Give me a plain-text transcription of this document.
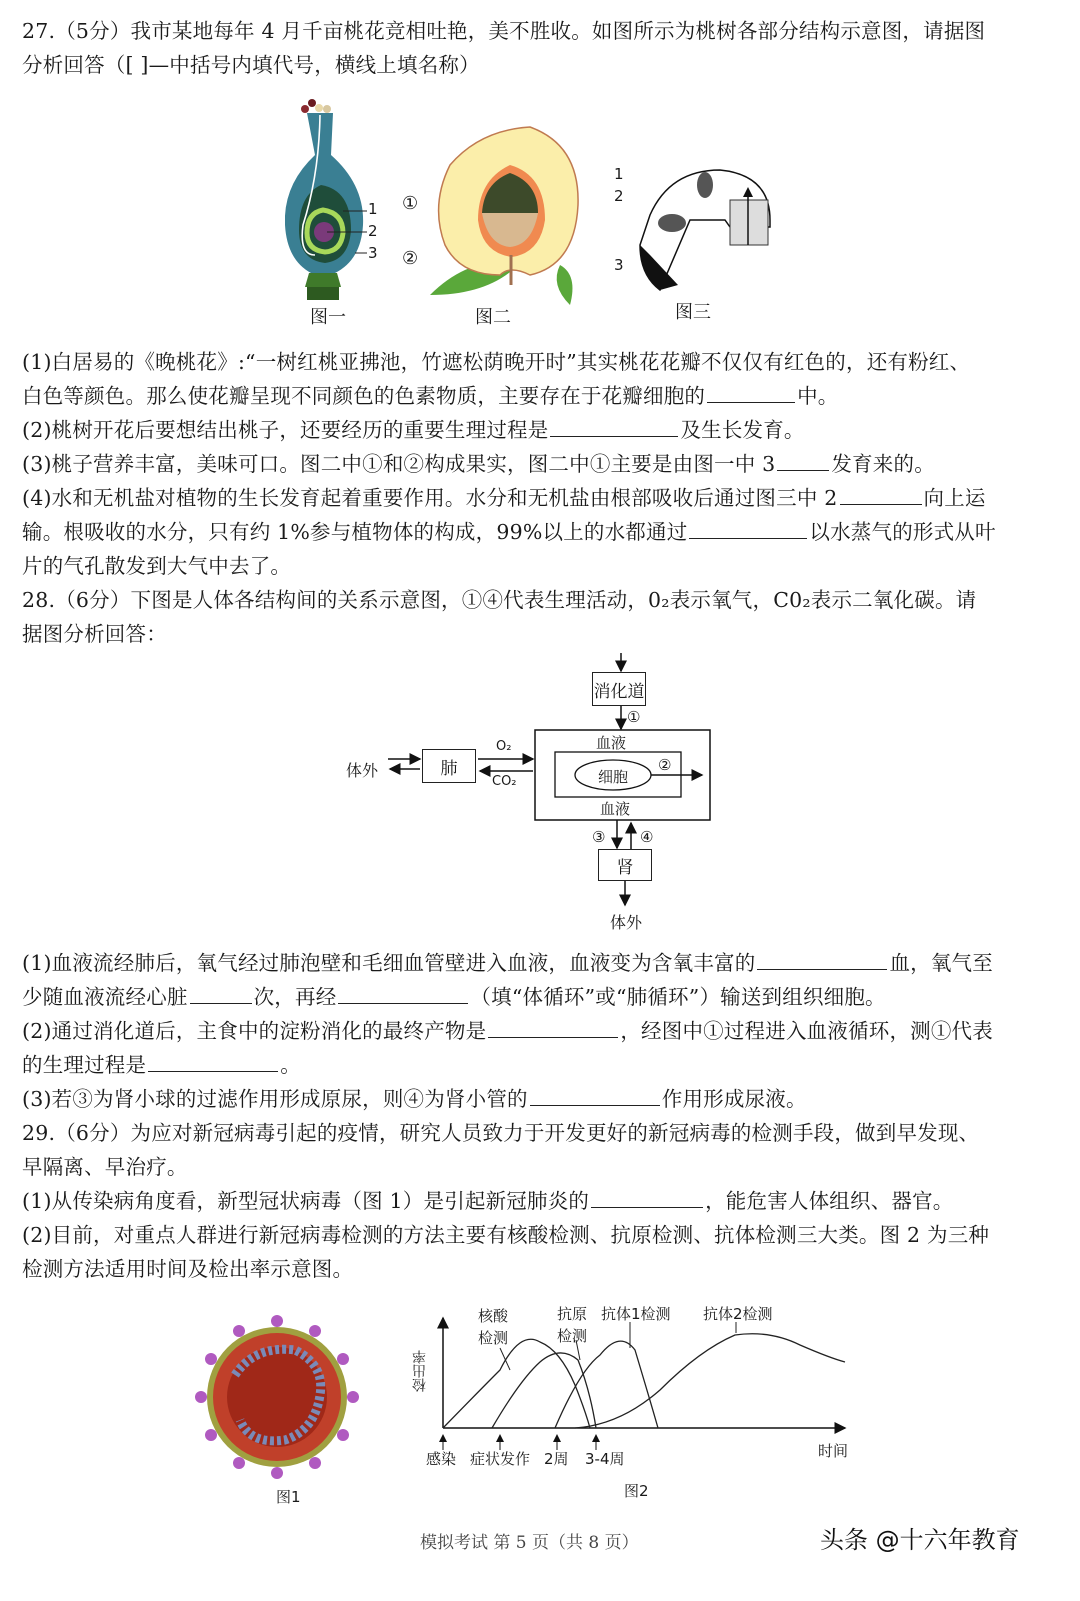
27.（5分）我市某地每年 4 月千亩桃花竞相吐艳，美不胜收。如图所示为桃树各部分结构示意图，请据图
分析回答（[ ]—中括号内填代号，横线上填名称）
1
2
3
图一
①
②
图二
1
2
3
图三
(1)白居易的《晚桃花》:“一树红桃亚拂池，竹遮松荫晚开时”其实桃花花瓣不仅仅有红色的，还有粉红、
白色等颜色。那么使花瓣呈现不同颜色的色素物质，主要存在于花瓣细胞的	中。
(2)桃树开花后要想结出桃子，还要经历的重要生理过程是	及生长发育。
(3)桃子营养丰富，美味可口。图二中①和②构成果实，图二中①主要是由图一中 3	发育来的。
(4)水和无机盐对植物的生长发育起着重要作用。水分和无机盐由根部吸收后通过图三中 2	向上运
输。根吸收的水分，只有约 1%参与植物体的构成，99%以上的水都通过	以水蒸气的形式从叶
片的气孔散发到大气中去了。
28.（6分）下图是人体各结构间的关系示意图，①④代表生理活动，0₂表示氧气，C0₂表示二氧化碳。请
据图分析回答：
消化道
①
肺
体外
O₂
CO₂
血液
细胞
②
血液
③ ④
肾
体外
(1)血液流经肺后，氧气经过肺泡壁和毛细血管壁进入血液，血液变为含氧丰富的	血，氧气至
少随血液流经心脏	次，再经	（填“体循环”或“肺循环”）输送到组织细胞。
(2)通过消化道后，主食中的淀粉消化的最终产物是	，经图中①过程进入血液循环，测①代表
的生理过程是	。
(3)若③为肾小球的过滤作用形成原尿，则④为肾小管的	作用形成尿液。
29.（6分）为应对新冠病毒引起的疫情，研究人员致力于开发更好的新冠病毒的检测手段，做到早发现、
早隔离、早治疗。
(1)从传染病角度看，新型冠状病毒（图 1）是引起新冠肺炎的	，能危害人体组织、器官。
(2)目前，对重点人群进行新冠病毒检测的方法主要有核酸检测、抗原检测、抗体检测三大类。图 2 为三种
检测方法适用时间及检出率示意图。
图1
检出率
核酸检测
抗原检测
抗体1检测 抗体2检测
感染 症状发作 2周 3-4周	时间
图2
模拟考试 第 5 页（共 8 页）	头条 @十六年教育
